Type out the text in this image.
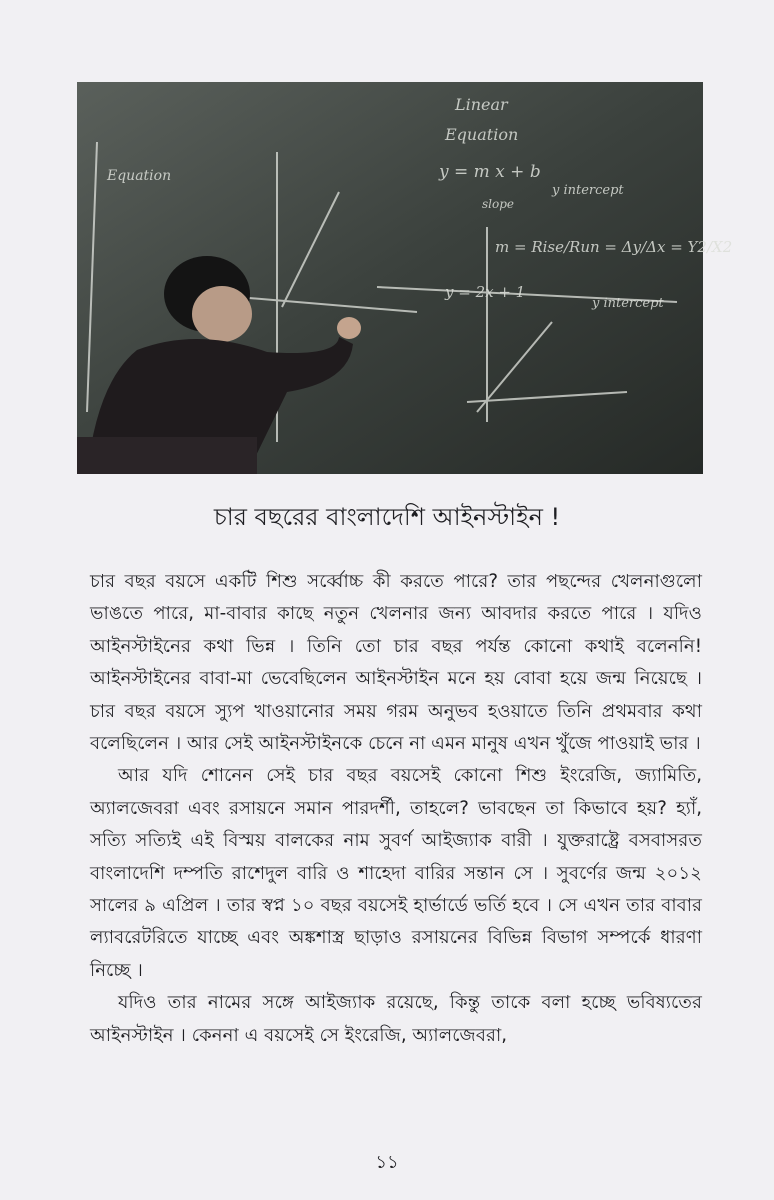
Linear
Equation
y = m x + b
slope
y intercept
Equation
m = Rise/Run = Δy/Δx = Y2/X2
y = 2x + 1
y intercept
চার বছরের বাংলাদেশি আইনস্টাইন !

চার বছর বয়সে একটি শিশু সর্ব্বোচ্চ কী করতে পারে? তার পছন্দের খেলনাগুলো ভাঙতে পারে, মা-বাবার কাছে নতুন খেলনার জন্য আবদার করতে পারে । যদিও আইনস্টাইনের কথা ভিন্ন । তিনি তো চার বছর পর্যন্ত কোনো কথাই বলেননি! আইনস্টাইনের বাবা-মা ভেবেছিলেন আইনস্টাইন মনে হয় বোবা হয়ে জন্ম নিয়েছে । চার বছর বয়সে স্যুপ খাওয়ানোর সময় গরম অনুভব হওয়াতে তিনি প্রথমবার কথা বলেছিলেন । আর সেই আইনস্টাইনকে চেনে না এমন মানুষ এখন খুঁজে পাওয়াই ভার ।

আর যদি শোনেন সেই চার বছর বয়সেই কোনো শিশু ইংরেজি, জ্যামিতি, অ্যালজেবরা এবং রসায়নে সমান পারদর্শী, তাহলে? ভাবছেন তা কিভাবে হয়? হ্যাঁ, সত্যি সত্যিই এই বিস্ময় বালকের নাম সুবর্ণ আইজ্যাক বারী । যুক্তরাষ্ট্রে বসবাসরত বাংলাদেশি দম্পতি রাশেদুল বারি ও শাহেদা বারির সন্তান সে । সুবর্ণের জন্ম ২০১২ সালের ৯ এপ্রিল । তার স্বপ্ন ১০ বছর বয়সেই হার্ভার্ডে ভর্তি হবে । সে এখন তার বাবার ল্যাবরেটরিতে যাচ্ছে এবং অঙ্কশাস্ত্র ছাড়াও রসায়নের বিভিন্ন বিভাগ সম্পর্কে ধারণা নিচ্ছে ।

যদিও তার নামের সঙ্গে আইজ্যাক রয়েছে, কিন্তু তাকে বলা হচ্ছে ভবিষ্যতের আইনস্টাইন । কেননা এ বয়সেই সে ইংরেজি, অ্যালজেবরা,

১১
